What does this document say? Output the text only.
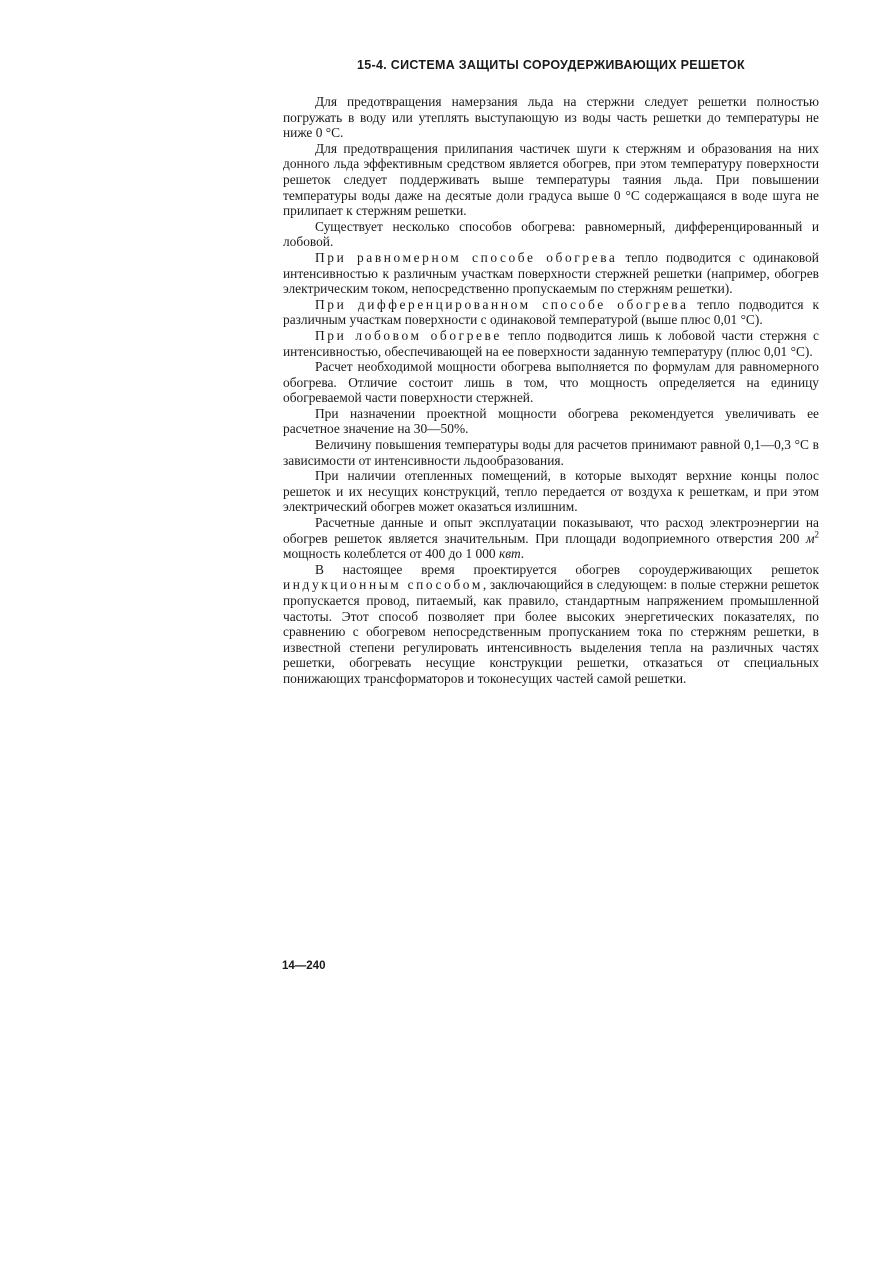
15-4. СИСТЕМА ЗАЩИТЫ СОРОУДЕРЖИВАЮЩИХ РЕШЕТОК

Для предотвращения намерзания льда на стержни следует решетки полностью погружать в воду или утеплять выступающую из воды часть решетки до температуры не ниже 0 °С.

Для предотвращения прилипания частичек шуги к стержням и образования на них донного льда эффективным средством является обогрев, при этом температуру поверхности решеток следует поддерживать выше температуры таяния льда. При повышении температуры воды даже на десятые доли градуса выше 0 °С содержащаяся в воде шуга не прилипает к стержням решетки.

Существует несколько способов обогрева: равномерный, дифференцированный и лобовой.

При равномерном способе обогрева тепло подводится с одинаковой интенсивностью к различным участкам поверхности стержней решетки (например, обогрев электрическим током, непосредственно пропускаемым по стержням решетки).

При дифференцированном способе обогрева тепло подводится к различным участкам поверхности с одинаковой температурой (выше плюс 0,01 °С).

При лобовом обогреве тепло подводится лишь к лобовой части стержня с интенсивностью, обеспечивающей на ее поверхности заданную температуру (плюс 0,01 °С).

Расчет необходимой мощности обогрева выполняется по формулам для равномерного обогрева. Отличие состоит лишь в том, что мощность определяется на единицу обогреваемой части поверхности стержней.

При назначении проектной мощности обогрева рекомендуется увеличивать ее расчетное значение на 30—50%.

Величину повышения температуры воды для расчетов принимают равной 0,1—0,3 °С в зависимости от интенсивности льдообразования.

При наличии отепленных помещений, в которые выходят верхние концы полос решеток и их несущих конструкций, тепло передается от воздуха к решеткам, и при этом электрический обогрев может оказаться излишним.

Расчетные данные и опыт эксплуатации показывают, что расход электроэнергии на обогрев решеток является значительным. При площади водоприемного отверстия 200 $м^2$ мощность колеблется от 400 до 1 000 квт.

В настоящее время проектируется обогрев сороудерживающих решеток индукционным способом, заключающийся в следующем: в полые стержни решеток пропускается провод, питаемый, как правило, стандартным напряжением промышленной частоты. Этот способ позволяет при более высоких энергетических показателях, по сравнению с обогревом непосредственным пропусканием тока по стержням решетки, в известной степени регулировать интенсивность выделения тепла на различных частях решетки, обогревать несущие конструкции решетки, отказаться от специальных понижающих трансформаторов и токонесущих частей самой решетки.

14—240
